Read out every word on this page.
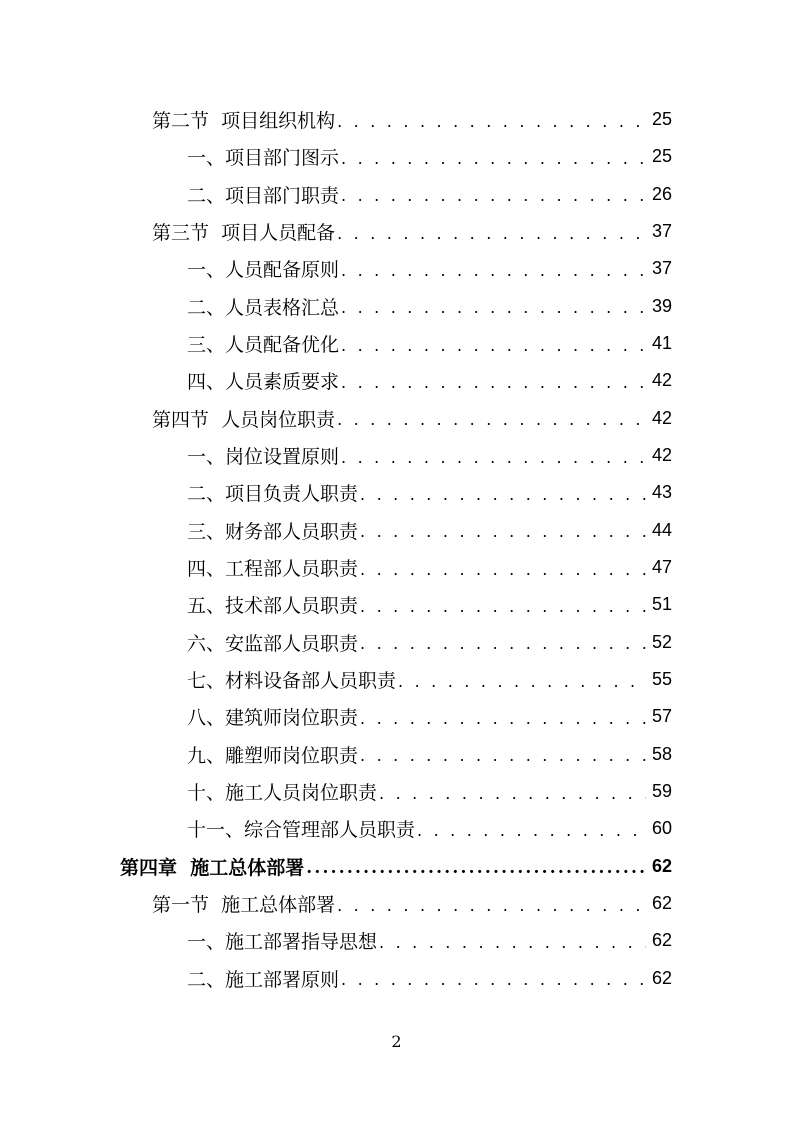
第二节  项目组织机构 . . .	25
一、项目部门图示 . . .	25
二、项目部门职责 . . .	26
第三节  项目人员配备 . . .	37
一、人员配备原则 . . .	37
二、人员表格汇总 . . .	39
三、人员配备优化 . . .	41
四、人员素质要求 . . .	42
第四节  人员岗位职责 . . .	42
一、岗位设置原则 . . .	42
二、项目负责人职责 . . .	43
三、财务部人员职责 . . .	44
四、工程部人员职责 . . .	47
五、技术部人员职责 . . .	51
六、安监部人员职责 . . .	52
七、材料设备部人员职责 . . .	55
八、建筑师岗位职责 . . .	57
九、雕塑师岗位职责 . . .	58
十、施工人员岗位职责 . . .	59
十一、综合管理部人员职责 . . .	60
第四章  施工总体部署 .....	62
第一节  施工总体部署 . . .	62
一、施工部署指导思想 . . .	62
二、施工部署原则 . . .	62
2
